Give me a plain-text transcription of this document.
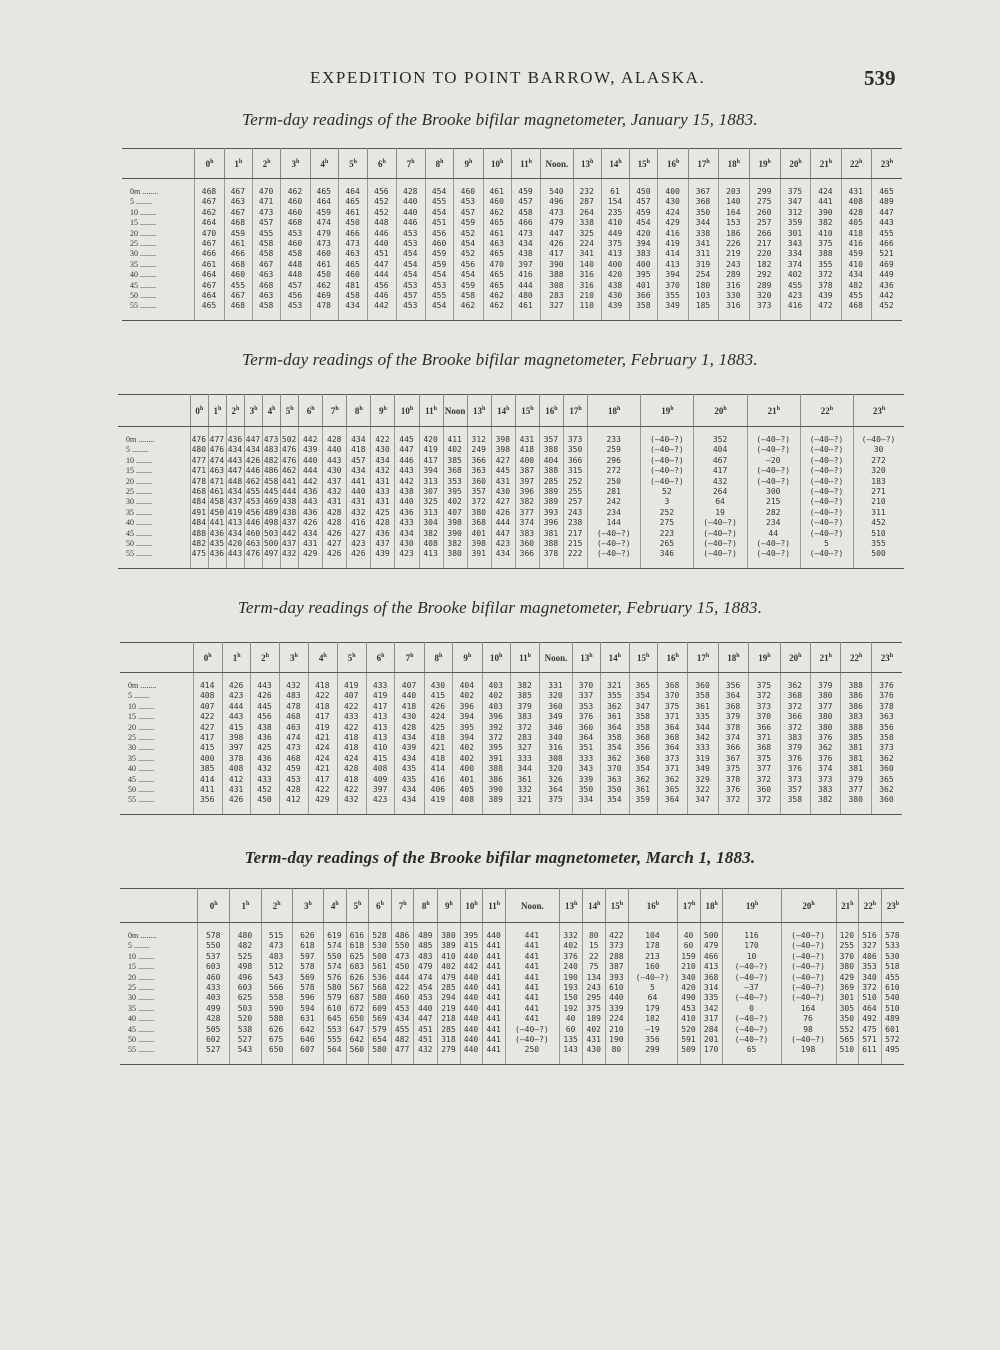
EXPEDITION TO POINT BARROW, ALASKA.	539
Term-day readings of the Brooke bifilar magnetometer, January 15, 1883.
	0$^h$	1$^h$	2$^h$	3$^h$	4$^h$	5$^h$	6$^h$	7$^h$	8$^h$	9$^h$	10$^h$	11$^h$	Noon.	13$^h$	14$^h$	15$^h$	16$^h$	17$^h$	18$^h$	19$^h$	20$^h$	21$^h$	22$^h$	23$^h$

0m ........	468	467	470	462	465	464	456	428	454	460	461	459	540	232	61	450	400	367	203	299	375	424	431	465
5 ........	467	463	471	460	464	465	452	440	455	453	460	457	496	287	154	457	430	368	140	275	347	441	408	489
10 ........	462	467	473	460	459	461	452	440	454	457	462	458	473	264	235	459	424	350	164	260	312	390	428	447
15 ........	464	468	457	468	474	450	448	446	451	459	465	466	479	338	410	454	429	344	153	257	359	382	405	443
20 ........	470	459	455	453	479	466	446	453	456	452	461	473	447	325	449	420	416	338	186	266	301	410	418	455
25 ........	467	461	458	460	473	473	440	453	460	454	463	434	426	224	375	394	419	341	226	217	343	375	416	466
30 ........	466	466	458	458	460	463	451	454	459	452	465	438	417	341	413	383	414	311	219	220	334	388	459	521
35 ........	461	468	467	448	461	465	447	454	459	456	470	397	390	140	400	400	413	319	243	182	374	355	410	469
40 ........	464	460	463	448	450	460	444	454	454	454	465	416	388	316	420	395	394	254	289	292	402	372	434	449
45 ........	467	455	468	457	462	481	456	453	453	459	465	444	308	316	438	401	370	180	316	289	455	378	482	436
50 ........	464	467	463	456	469	458	446	457	455	458	462	480	283	210	430	366	355	103	330	320	423	439	455	442
55 ........	465	468	458	453	478	434	442	453	454	462	462	461	327	110	439	358	349	185	316	373	416	472	468	452

Term-day readings of the Brooke bifilar magnetometer, February 1, 1883.
	0$^h$	1$^h$	2$^h$	3$^h$	4$^h$	5$^h$	6$^h$	7$^h$	8$^h$	9$^h$	10$^h$	11$^h$	Noon	13$^h$	14$^h$	15$^h$	16$^h$	17$^h$	18$^h$	19$^h$	20$^h$	21$^h$	22$^h$	23$^h$

0m ........	476	477	436	447	473	502	442	428	434	422	445	420	411	312	398	431	357	373	233	(—40—?)	352	(—40—?)	(—40—?)	(—40—?)
5 ........	480	476	434	434	483	476	439	440	418	430	447	419	402	249	398	418	388	350	259	(—40—?)	404	(—40—?)	(—40—?)	30
10 ........	477	474	443	426	482	476	440	443	457	434	446	417	385	366	427	400	404	366	296	(—40—?)	467	—20	(—40—?)	272
15 ........	471	463	447	446	486	462	444	430	434	432	443	394	368	363	445	387	388	315	272	(—40—?)	417	(—40—?)	(—40—?)	320
20 ........	478	471	448	462	458	441	442	437	441	431	442	313	353	360	431	397	285	252	250	(—40—?)	432	(—40—?)	(—40—?)	183
25 ........	468	461	434	455	445	444	436	432	440	433	438	307	395	357	430	396	389	255	281	52	264	300	(—40—?)	271
30 ........	484	458	437	453	469	438	443	431	431	431	440	325	402	372	427	382	389	257	242	3	64	215	(—40—?)	210
35 ........	491	450	419	456	489	438	436	428	432	425	436	313	407	380	426	377	393	243	234	252	19	282	(—40—?)	311
40 ........	484	441	413	446	498	437	426	428	416	428	433	304	398	368	444	374	396	238	144	275	(—40—?)	234	(—40—?)	452
45 ........	488	436	434	460	503	442	434	426	427	436	434	382	390	401	447	383	381	217	(—40—?)	223	(—40—?)	44	(—40—?)	510
50 ........	482	435	420	463	500	437	431	427	423	437	430	408	382	398	423	360	388	215	(—40—?)	265	(—40—?)	(—40—?)	5	355
55 ........	475	436	443	476	497	432	429	426	426	439	423	413	380	391	434	366	378	222	(—40—?)	346	(—40—?)	(—40—?)	(—40—?)	500

Term-day readings of the Brooke bifilar magnetometer, February 15, 1883.
	0$^h$	1$^h$	2$^h$	3$^h$	4$^h$	5$^h$	6$^h$	7$^h$	8$^h$	9$^h$	10$^h$	11$^h$	Noon.	13$^h$	14$^h$	15$^h$	16$^h$	17$^h$	18$^h$	19$^h$	20$^h$	21$^h$	22$^h$	23$^h$

0m ........	414	426	443	432	418	419	433	407	430	404	403	382	331	370	321	365	368	360	356	375	362	379	388	376
5 ........	408	423	426	483	422	407	419	440	415	402	402	385	320	337	355	354	370	358	364	372	368	380	386	376
10 ........	407	444	445	478	418	422	417	418	426	396	403	379	360	353	362	347	375	361	368	373	372	377	386	378
15 ........	422	443	456	468	417	433	413	430	424	394	396	383	349	376	361	358	371	335	379	370	366	380	383	363
20 ........	427	415	438	463	419	422	413	428	425	395	392	372	346	360	364	358	364	344	378	366	372	380	388	356
25 ........	417	398	436	474	421	418	413	434	418	394	372	283	340	364	358	368	368	342	374	371	383	376	385	358
30 ........	415	397	425	473	424	418	410	439	421	402	395	327	316	351	354	356	364	333	366	368	379	362	381	373
35 ........	400	378	436	468	424	424	415	434	418	402	391	333	308	333	362	360	373	319	367	375	376	376	381	362
40 ........	385	408	432	459	421	428	408	435	414	400	388	344	320	343	370	354	371	349	375	377	376	374	381	360
45 ........	414	412	433	453	417	418	409	435	416	401	386	361	326	339	363	362	362	329	378	372	373	373	379	365
50 ........	411	431	452	428	422	422	397	434	406	405	390	332	364	350	350	361	365	322	376	360	357	383	377	362
55 ........	356	426	450	412	429	432	423	434	419	408	389	321	375	334	354	359	364	347	372	372	358	382	380	360

Term-day readings of the Brooke bifilar magnetometer, March 1, 1883.
	0$^h$	1$^h$	2$^h$	3$^h$	4$^h$	5$^h$	6$^h$	7$^h$	8$^h$	9$^h$	10$^h$	11$^h$	Noon.	13$^h$	14$^h$	15$^h$	16$^h$	17$^h$	18$^h$	19$^h$	20$^h$	21$^h$	22$^h$	23$^h$

0m ........	578	480	515	626	619	616	528	486	489	380	395	440	441	332	80	422	104	40	500	116	(—40—?)	120	516	578
5 ........	550	482	473	618	574	618	530	550	485	389	415	441	441	402	15	373	178	60	479	170	(—40—?)	255	327	533
10 ........	537	525	483	597	550	625	500	473	483	410	440	441	441	376	22	288	213	159	466	10	(—40—?)	370	406	530
15 ........	603	498	512	578	574	683	561	450	479	402	442	441	441	240	75	387	160	210	413	(—40—?)	(—40—?)	380	353	518
20 ........	460	496	543	569	576	626	536	444	474	479	440	441	441	190	134	393	(—40—?)	340	368	(—40—?)	(—40—?)	429	340	455
25 ........	433	603	566	578	580	567	568	422	454	285	440	441	441	193	243	610	5	420	314	—37	(—40—?)	369	372	610
30 ........	403	625	558	596	579	687	580	460	453	294	440	441	441	150	295	440	64	490	335	(—40—?)	(—40—?)	301	510	540
35 ........	499	503	590	594	610	672	609	453	440	219	440	441	441	192	375	339	179	453	342	0	164	305	464	510
40 ........	428	520	588	631	645	650	569	434	447	218	440	441	441	40	189	224	182	410	317	(—40—?)	76	350	492	489
45 ........	505	538	626	642	553	647	579	455	451	285	440	441	(—40—?)	60	402	210	—19	520	284	(—40—?)	98	552	475	601
50 ........	602	527	675	646	555	642	654	482	451	318	440	441	(—40—?)	135	431	190	356	591	201	(—40—?)	(—40—?)	565	571	572
55 ........	527	543	650	607	564	560	580	477	432	279	440	441	250	143	430	80	299	509	170	65	198	510	611	495
